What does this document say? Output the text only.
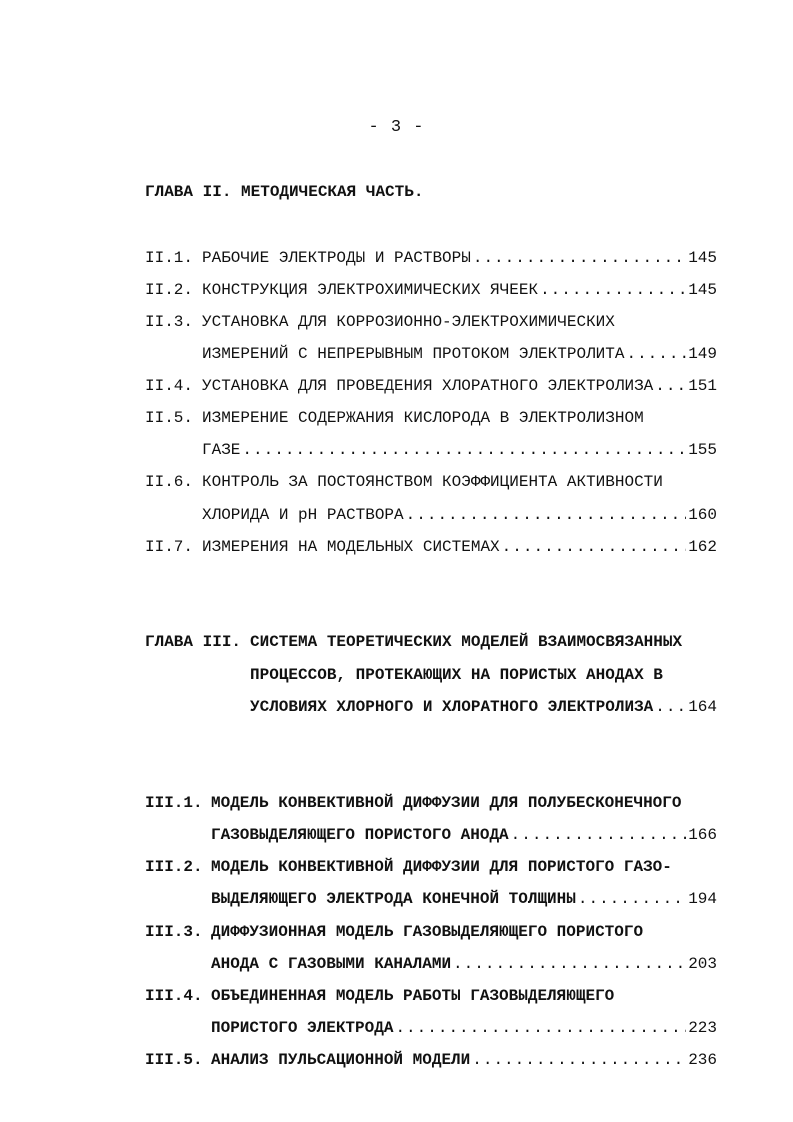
- 3 -
ГЛАВА II. МЕТОДИЧЕСКАЯ ЧАСТЬ.
II.1. РАБОЧИЕ ЭЛЕКТРОДЫ И РАСТВОРЫ .....	145
II.2. КОНСТРУКЦИЯ ЭЛЕКТРОХИМИЧЕСКИХ ЯЧЕЕК .....	145
II.3. УСТАНОВКА ДЛЯ КОРРОЗИОННО-ЭЛЕКТРОХИМИЧЕСКИХ
ИЗМЕРЕНИЙ С НЕПРЕРЫВНЫМ ПРОТОКОМ ЭЛЕКТРОЛИТА .....	149
II.4. УСТАНОВКА ДЛЯ ПРОВЕДЕНИЯ ХЛОРАТНОГО ЭЛЕКТРОЛИЗА ..... 151
II.5. ИЗМЕРЕНИЕ СОДЕРЖАНИЯ КИСЛОРОДА В ЭЛЕКТРОЛИЗНОМ
ГАЗЕ .....	155
II.6. КОНТРОЛЬ ЗА ПОСТОЯНСТВОМ КОЭФФИЦИЕНТА АКТИВНОСТИ
ХЛОРИДА И pH РАСТВОРА .....	160
II.7. ИЗМЕРЕНИЯ НА МОДЕЛЬНЫХ СИСТЕМАХ .....	162
ГЛАВА III. СИСТЕМА ТЕОРЕТИЧЕСКИХ МОДЕЛЕЙ ВЗАИМОСВЯЗАННЫХ
ПРОЦЕССОВ, ПРОТЕКАЮЩИХ НА ПОРИСТЫХ АНОДАХ В
УСЛОВИЯХ ХЛОРНОГО И ХЛОРАТНОГО ЭЛЕКТРОЛИЗА ..... 164
III.1. МОДЕЛЬ КОНВЕКТИВНОЙ ДИФФУЗИИ ДЛЯ ПОЛУБЕСКОНЕЧНОГО
ГАЗОВЫДЕЛЯЮЩЕГО ПОРИСТОГО АНОДА .....	166
III.2. МОДЕЛЬ КОНВЕКТИВНОЙ ДИФФУЗИИ ДЛЯ ПОРИСТОГО ГАЗО-
ВЫДЕЛЯЮЩЕГО ЭЛЕКТРОДА КОНЕЧНОЙ ТОЛЩИНЫ .....	194
III.3. ДИФФУЗИОННАЯ МОДЕЛЬ ГАЗОВЫДЕЛЯЮЩЕГО ПОРИСТОГО
АНОДА С ГАЗОВЫМИ КАНАЛАМИ .....	203
III.4. ОБЪЕДИНЕННАЯ МОДЕЛЬ РАБОТЫ ГАЗОВЫДЕЛЯЮЩЕГО
ПОРИСТОГО ЭЛЕКТРОДА .....	223
III.5. АНАЛИЗ ПУЛЬСАЦИОННОЙ МОДЕЛИ .....	236
